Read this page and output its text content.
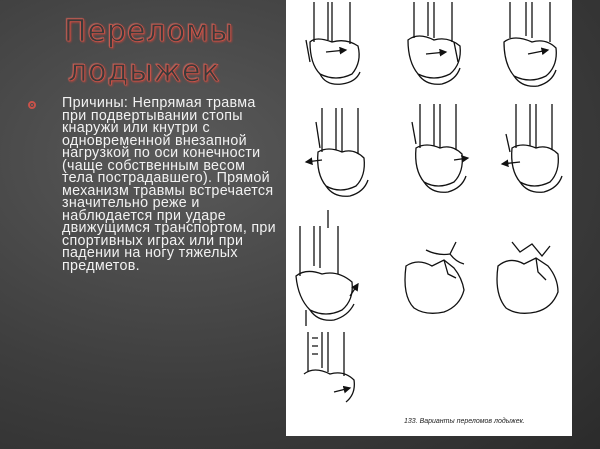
Переломы
лодыжек
Причины: Непрямая травма при подвертывании стопы кнаружи или кнутри с одновременной внезапной нагрузкой по оси конечности (чаще собственным весом тела пострадавшего). Прямой механизм травмы встречается значительно реже и наблюдается при ударе движущимся транспортом, при спортивных играх или при падении на ногу тяжелых предметов.
133. Варианты переломов лодыжек.
